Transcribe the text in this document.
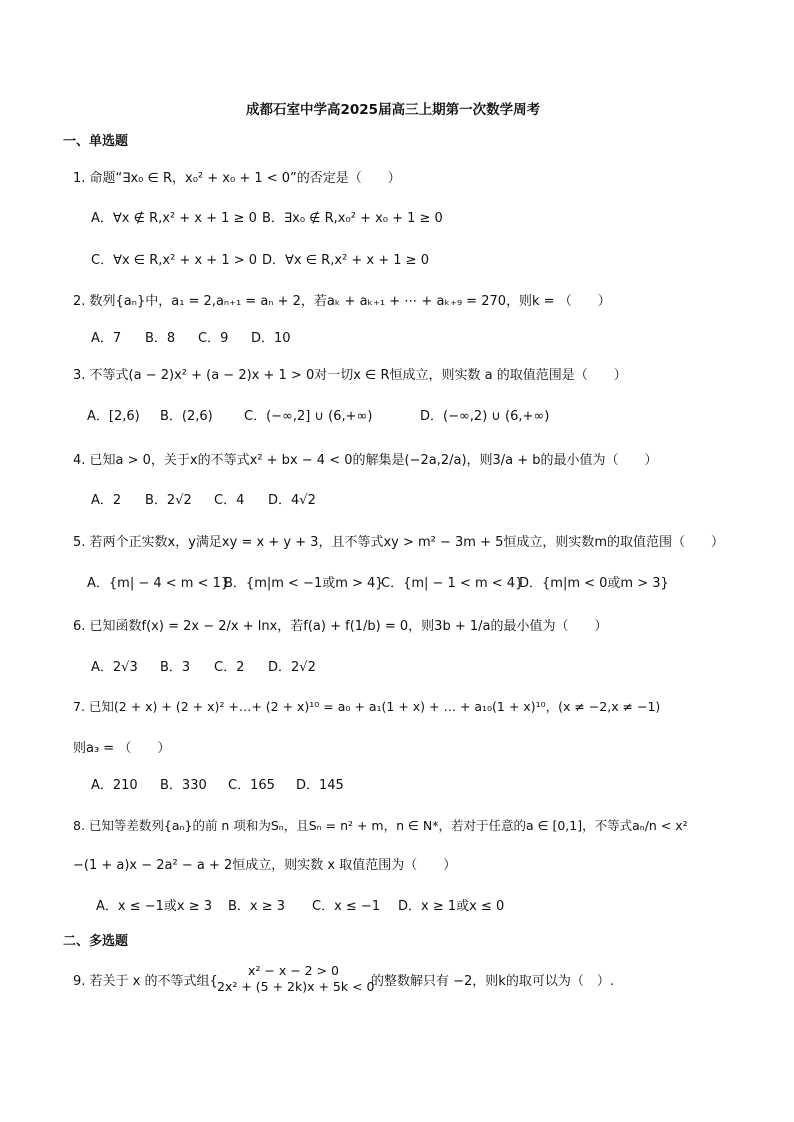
成都石室中学高2025届高三上期第一次数学周考
一、单选题
1. 命题“∃x₀ ∈ R，x₀² + x₀ + 1 < 0”的否定是（　　）
A．∀x ∉ R,x² + x + 1 ≥ 0 B．∃x₀ ∉ R,x₀² + x₀ + 1 ≥ 0
C．∀x ∈ R,x² + x + 1 > 0 D．∀x ∈ R,x² + x + 1 ≥ 0
2. 数列{aₙ}中，a₁ = 2,aₙ₊₁ = aₙ + 2，若aₖ + aₖ₊₁ + ⋯ + aₖ₊₉ = 270，则k = （　　）
A．7 B．8 C．9 D．10
3. 不等式(a − 2)x² + (a − 2)x + 1 > 0对一切x ∈ R恒成立，则实数 a 的取值范围是（　　）
A．[2,6) B．(2,6) C．(−∞,2] ∪ (6,+∞)	D．(−∞,2) ∪ (6,+∞)
4. 已知a > 0，关于x的不等式x² + bx − 4 < 0的解集是(−2a,2/a)，则3/a + b的最小值为（　　）
A．2 B．2√2 C．4 D．4√2
5. 若两个正实数x，y满足xy = x + y + 3，且不等式xy > m² − 3m + 5恒成立，则实数m的取值范围（　　）
A．{m| − 4 < m < 1}
B．{m|m < −1或m > 4}
C．{m| − 1 < m < 4}
D．{m|m < 0或m > 3}
6. 已知函数f(x) = 2x − 2/x + lnx，若f(a) + f(1/b) = 0，则3b + 1/a的最小值为（　　）
A．2√3 B．3 C．2 D．2√2
7. 已知(2 + x) + (2 + x)² +…+ (2 + x)¹⁰ = a₀ + a₁(1 + x) + … + a₁₀(1 + x)¹⁰，(x ≠ −2,x ≠ −1)
则a₃ = （　　）
A．210 B．330 C．165 D．145
8. 已知等差数列{aₙ}的前 n 项和为Sₙ，且Sₙ = n² + m，n ∈ N*，若对于任意的a ∈ [0,1]，不等式aₙ/n < x²
−(1 + a)x − 2a² − a + 2恒成立，则实数 x 取值范围为（　　）
A．x ≤ −1或x ≥ 3 B．x ≥ 3 C．x ≤ −1 D．x ≥ 1或x ≤ 0
二、多选题
9. 若关于 x 的不等式组{
x² − x − 2 > 0
2x² + (5 + 2k)x + 5k < 0
的整数解只有 −2，则k的取可以为（　）.
